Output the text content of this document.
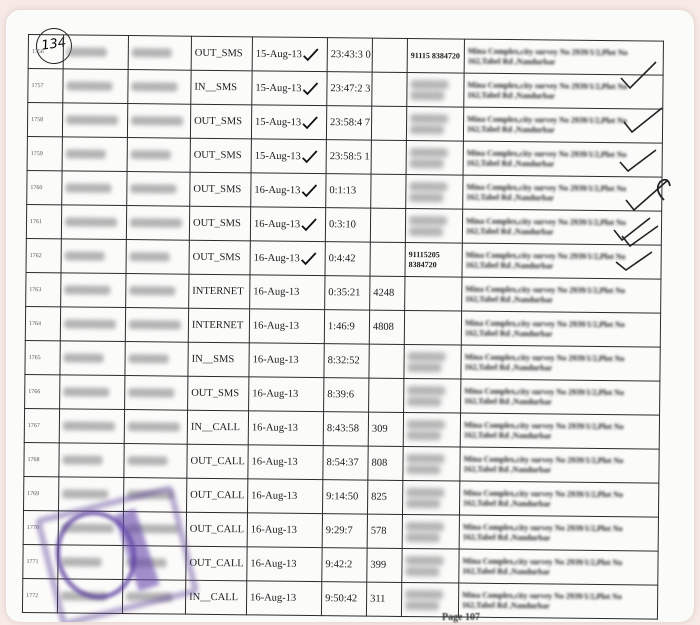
134
1756			OUT_SMS	15-Aug-13	23:43:3 0		91115 8384720	Mina Complex,city survey No 2939/1/2,Plot No 162,Tabel Rd ,Nandurbar

1757			IN__SMS	15-Aug-13	23:47:2 3			Mina Complex,city survey No 2939/1/2,Plot No 162,Tabel Rd ,Nandurbar

1758			OUT_SMS	15-Aug-13	23:58:4 7			Mina Complex,city survey No 2939/1/2,Plot No 162,Tabel Rd ,Nandurbar

1759			OUT_SMS	15-Aug-13	23:58:5 1			Mina Complex,city survey No 2939/1/2,Plot No 162,Tabel Rd ,Nandurbar

1760			OUT_SMS	16-Aug-13	0:1:13			Mina Complex,city survey No 2939/1/2,Plot No 162,Tabel Rd ,Nandurbar

1761			OUT_SMS	16-Aug-13	0:3:10			Mina Complex,city survey No 2939/1/2,Plot No 162,Tabel Rd ,Nandurbar

1762			OUT_SMS	16-Aug-13	0:4:42		91115205 8384720	Mina Complex,city survey No 2939/1/2,Plot No 162,Tabel Rd ,Nandurbar

1763			INTERNET	16-Aug-13	0:35:21	4248		Mina Complex,city survey No 2939/1/2,Plot No 162,Tabel Rd ,Nandurbar

1764			INTERNET	16-Aug-13	1:46:9	4808		Mina Complex,city survey No 2939/1/2,Plot No 162,Tabel Rd ,Nandurbar

1765			IN__SMS	16-Aug-13	8:32:52			Mina Complex,city survey No 2939/1/2,Plot No 162,Tabel Rd ,Nandurbar

1766			OUT_SMS	16-Aug-13	8:39:6			Mina Complex,city survey No 2939/1/2,Plot No 162,Tabel Rd ,Nandurbar

1767			IN__CALL	16-Aug-13	8:43:58	309		Mina Complex,city survey No 2939/1/2,Plot No 162,Tabel Rd ,Nandurbar

1768			OUT_CALL	16-Aug-13	8:54:37	808		Mina Complex,city survey No 2939/1/2,Plot No 162,Tabel Rd ,Nandurbar

1769			OUT_CALL	16-Aug-13	9:14:50	825		Mina Complex,city survey No 2939/1/2,Plot No 162,Tabel Rd ,Nandurbar

1770			OUT_CALL	16-Aug-13	9:29:7	578		Mina Complex,city survey No 2939/1/2,Plot No 162,Tabel Rd ,Nandurbar

1771			OUT_CALL	16-Aug-13	9:42:2	399		Mina Complex,city survey No 2939/1/2,Plot No 162,Tabel Rd ,Nandurbar

1772			IN__CALL	16-Aug-13	9:50:42	311		Mina Complex,city survey No 2939/1/2,Plot No 162,Tabel Rd ,Nandurbar
Page 107
